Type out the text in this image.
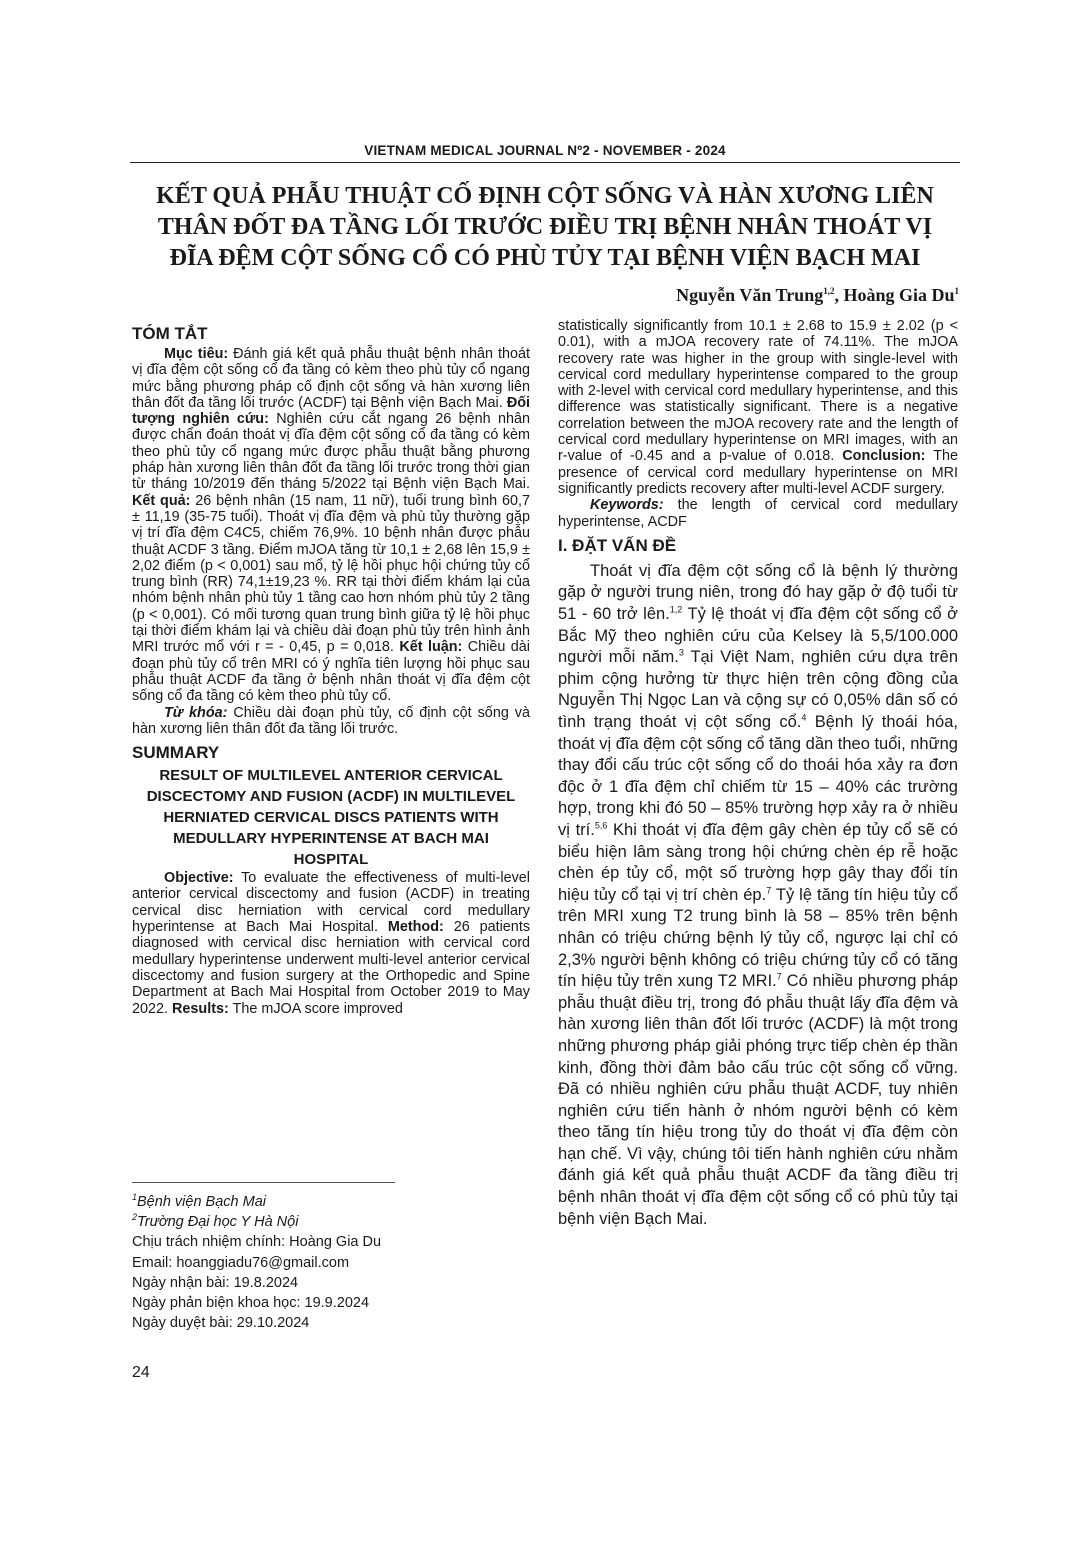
VIETNAM MEDICAL JOURNAL Nº2 - NOVEMBER - 2024
KẾT QUẢ PHẪU THUẬT CỐ ĐỊNH CỘT SỐNG VÀ HÀN XƯƠNG LIÊN THÂN ĐỐT ĐA TẦNG LỐI TRƯỚC ĐIỀU TRỊ BỆNH NHÂN THOÁT VỊ ĐĨA ĐỆM CỘT SỐNG CỔ CÓ PHÙ TỦY TẠI BỆNH VIỆN BẠCH MAI

Nguyễn Văn Trung$^{1,2}$, Hoàng Gia Du$^1$

TÓM TẮT

Mục tiêu: Đánh giá kết quả phẫu thuật bệnh nhân thoát vị đĩa đệm cột sống cổ đa tầng có kèm theo phù tủy cổ ngang mức bằng phương pháp cố định cột sống và hàn xương liên thân đốt đa tầng lối trước (ACDF) tại Bệnh viện Bạch Mai. Đối tượng nghiên cứu: Nghiên cứu cắt ngang 26 bệnh nhân được chẩn đoán thoát vị đĩa đệm cột sống cổ đa tầng có kèm theo phù tủy cổ ngang mức được phẫu thuật bằng phương pháp hàn xương liên thân đốt đa tầng lối trước trong thời gian từ tháng 10/2019 đến tháng 5/2022 tại Bệnh viện Bạch Mai. Kết quả: 26 bệnh nhân (15 nam, 11 nữ), tuổi trung bình 60,7 ± 11,19 (35-75 tuổi). Thoát vị đĩa đệm và phù tủy thường gặp vị trí đĩa đệm C4C5, chiếm 76,9%. 10 bệnh nhân được phẫu thuật ACDF 3 tầng. Điểm mJOA tăng từ 10,1 ± 2,68 lên 15,9 ± 2,02 điểm (p < 0,001) sau mổ, tỷ lệ hồi phục hội chứng tủy cổ trung bình (RR) 74,1±19,23 %. RR tại thời điểm khám lại của nhóm bệnh nhân phù tủy 1 tầng cao hơn nhóm phù tủy 2 tầng (p < 0,001). Có mối tương quan trung bình giữa tỷ lệ hồi phục tại thời điểm khám lại và chiều dài đoạn phù tủy trên hình ảnh MRI trước mổ với r = - 0,45, p = 0,018. Kết luận: Chiều dài đoạn phù tủy cổ trên MRI có ý nghĩa tiên lượng hồi phục sau phẫu thuật ACDF đa tầng ở bệnh nhân thoát vị đĩa đệm cột sống cổ đa tầng có kèm theo phù tủy cổ.

Từ khóa: Chiều dài đoạn phù tủy, cố định cột sống và hàn xương liên thân đốt đa tầng lối trước.

SUMMARY

RESULT OF MULTILEVEL ANTERIOR CERVICAL DISCECTOMY AND FUSION (ACDF) IN MULTILEVEL HERNIATED CERVICAL DISCS PATIENTS WITH MEDULLARY HYPERINTENSE AT BACH MAI HOSPITAL

Objective: To evaluate the effectiveness of multi-level anterior cervical discectomy and fusion (ACDF) in treating cervical disc herniation with cervical cord medullary hyperintense at Bach Mai Hospital. Method: 26 patients diagnosed with cervical disc herniation with cervical cord medullary hyperintense underwent multi-level anterior cervical discectomy and fusion surgery at the Orthopedic and Spine Department at Bach Mai Hospital from October 2019 to May 2022. Results: The mJOA score improved

$^1$Bệnh viện Bạch Mai
$^2$Trường Đại học Y Hà Nội
Chịu trách nhiệm chính: Hoàng Gia Du
Email: hoanggiadu76@gmail.com
Ngày nhận bài: 19.8.2024
Ngày phản biện khoa học: 19.9.2024
Ngày duyệt bài: 29.10.2024

statistically significantly from 10.1 ± 2.68 to 15.9 ± 2.02 (p < 0.01), with a mJOA recovery rate of 74.11%. The mJOA recovery rate was higher in the group with single-level with cervical cord medullary hyperintense compared to the group with 2-level with cervical cord medullary hyperintense, and this difference was statistically significant. There is a negative correlation between the mJOA recovery rate and the length of cervical cord medullary hyperintense on MRI images, with an r-value of -0.45 and a p-value of 0.018. Conclusion: The presence of cervical cord medullary hyperintense on MRI significantly predicts recovery after multi-level ACDF surgery.

Keywords: the length of cervical cord medullary hyperintense, ACDF

I. ĐẶT VẤN ĐỀ

Thoát vị đĩa đệm cột sống cổ là bệnh lý thường gặp ở người trung niên, trong đó hay gặp ở độ tuổi từ 51 - 60 trở lên.$^{1,2}$ Tỷ lệ thoát vị đĩa đệm cột sống cổ ở Bắc Mỹ theo nghiên cứu của Kelsey là 5,5/100.000 người mỗi năm.$^3$ Tại Việt Nam, nghiên cứu dựa trên phim cộng hưởng từ thực hiện trên cộng đồng của Nguyễn Thị Ngọc Lan và cộng sự có 0,05% dân số có tình trạng thoát vị cột sống cổ.$^4$ Bệnh lý thoái hóa, thoát vị đĩa đệm cột sống cổ tăng dần theo tuổi, những thay đổi cấu trúc cột sống cổ do thoái hóa xảy ra đơn độc ở 1 đĩa đệm chỉ chiếm từ 15 – 40% các trường hợp, trong khi đó 50 – 85% trường hợp xảy ra ở nhiều vị trí.$^{5,6}$ Khi thoát vị đĩa đệm gây chèn ép tủy cổ sẽ có biểu hiện lâm sàng trong hội chứng chèn ép rễ hoặc chèn ép tủy cổ, một số trường hợp gây thay đổi tín hiệu tủy cổ tại vị trí chèn ép.$^7$ Tỷ lệ tăng tín hiệu tủy cổ trên MRI xung T2 trung bình là 58 – 85% trên bệnh nhân có triệu chứng bệnh lý tủy cổ, ngược lại chỉ có 2,3% người bệnh không có triệu chứng tủy cổ có tăng tín hiệu tủy trên xung T2 MRI.$^7$ Có nhiều phương pháp phẫu thuật điều trị, trong đó phẫu thuật lấy đĩa đệm và hàn xương liên thân đốt lối trước (ACDF) là một trong những phương pháp giải phóng trực tiếp chèn ép thần kinh, đồng thời đảm bảo cấu trúc cột sống cổ vững. Đã có nhiều nghiên cứu phẫu thuật ACDF, tuy nhiên nghiên cứu tiến hành ở nhóm người bệnh có kèm theo tăng tín hiệu trong tủy do thoát vị đĩa đệm còn hạn chế. Vì vậy, chúng tôi tiến hành nghiên cứu nhằm đánh giá kết quả phẫu thuật ACDF đa tầng điều trị bệnh nhân thoát vị đĩa đệm cột sống cổ có phù tủy tại bệnh viện Bạch Mai.

24
